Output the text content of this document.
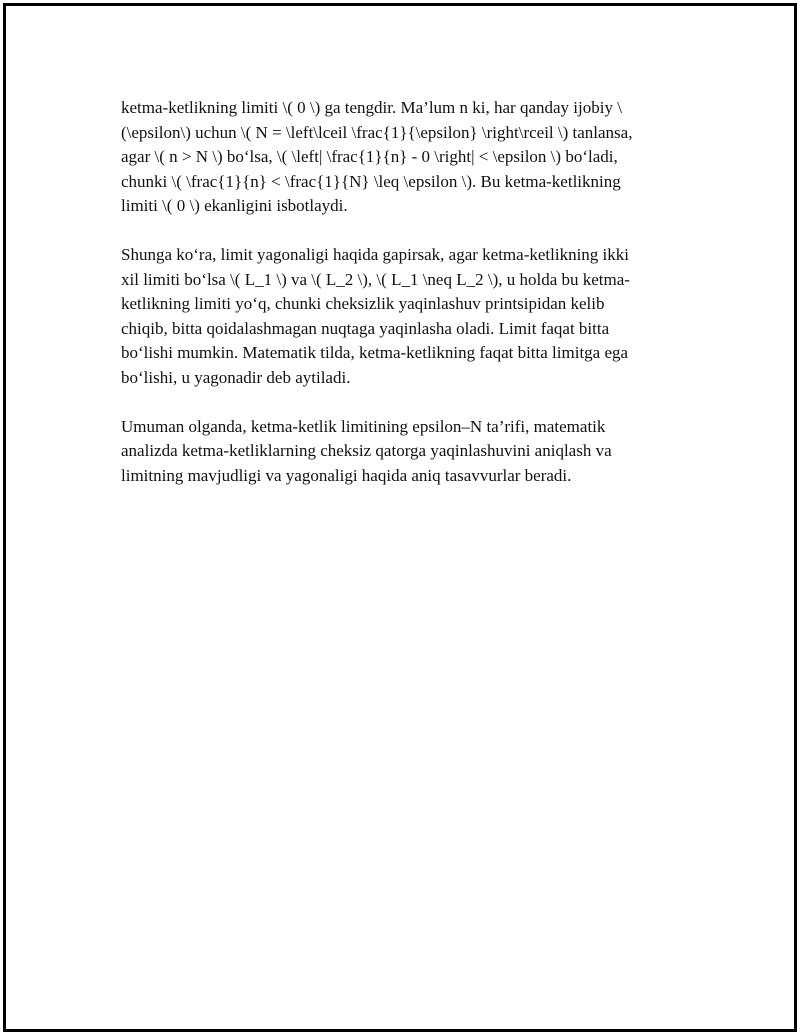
ketma-ketlikning limiti \( 0 \) ga tengdir. Ma’lum n ki, har qanday ijobiy \
(\epsilon\) uchun \( N = \left\lceil \frac{1}{\epsilon} \right\rceil \) tanlansa,
agar \( n > N \) bo‘lsa, \( \left| \frac{1}{n} - 0 \right| < \epsilon \) bo‘ladi,
chunki \( \frac{1}{n} < \frac{1}{N} \leq \epsilon \). Bu ketma-ketlikning
limiti \( 0 \) ekanligini isbotlaydi.

Shunga ko‘ra, limit yagonaligi haqida gapirsak, agar ketma-ketlikning ikki
xil limiti bo‘lsa \( L_1 \) va \( L_2 \), \( L_1 \neq L_2 \), u holda bu ketma-
ketlikning limiti yo‘q, chunki cheksizlik yaqinlashuv printsipidan kelib
chiqib, bitta qoidalashmagan nuqtaga yaqinlasha oladi. Limit faqat bitta
bo‘lishi mumkin. Matematik tilda, ketma-ketlikning faqat bitta limitga ega
bo‘lishi, u yagonadir deb aytiladi.

Umuman olganda, ketma-ketlik limitining epsilon–N ta’rifi, matematik
analizda ketma-ketliklarning cheksiz qatorga yaqinlashuvini aniqlash va
limitning mavjudligi va yagonaligi haqida aniq tasavvurlar beradi.
